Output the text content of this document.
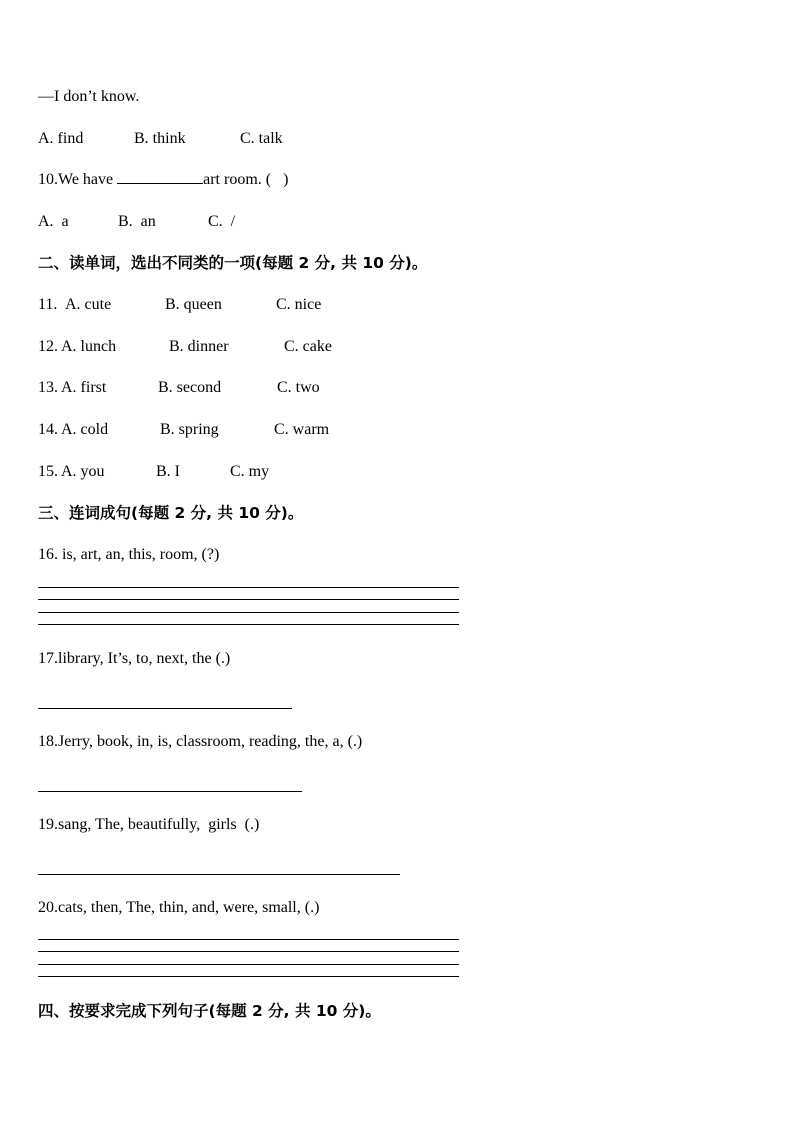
—I don’t know.

A. find

	B. think

	C. talk

10.We have	art room. (   )

A.  a

	B.  an

	C.  /

二、读单词，选出不同类的一项(每题 2 分, 共 10 分)。

11.

A. cute

	B. queen

	C. nice

12.

A. lunch

	B. dinner

	C. cake

13.

A. first

	B. second

	C. two

14.

A. cold

	B. spring

	C. warm

15.

A. you

	B. I

	C. my

三、连词成句(每题 2 分, 共 10 分)。
16. is, art, an, this, room, (?)
17.library, It’s, to, next, the (.)
18.Jerry, book, in, is, classroom, reading, the, a, (.)
19.sang, The, beautifully,  girls  (.)
20.cats, then, The, thin, and, were, small, (.)
四、按要求完成下列句子(每题 2 分, 共 10 分)。
